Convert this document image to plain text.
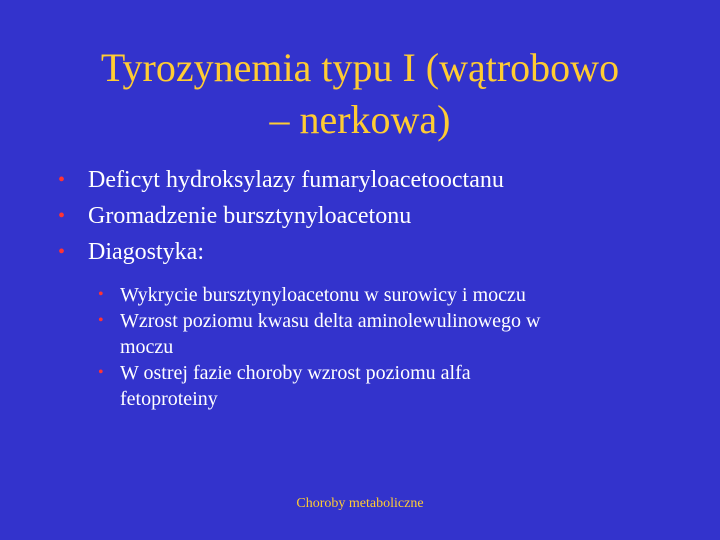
Tyrozynemia typu I (wątrobowo
– nerkowa)
• Deficyt hydroksylazy fumaryloacetooctanu
• Gromadzenie bursztynyloacetonu
• Diagostyka:
• Wykrycie bursztynyloacetonu w surowicy i moczu
• Wzrost poziomu kwasu delta aminolewulinowego w
moczu
• W ostrej fazie choroby wzrost poziomu alfa
fetoproteiny
Choroby metaboliczne
